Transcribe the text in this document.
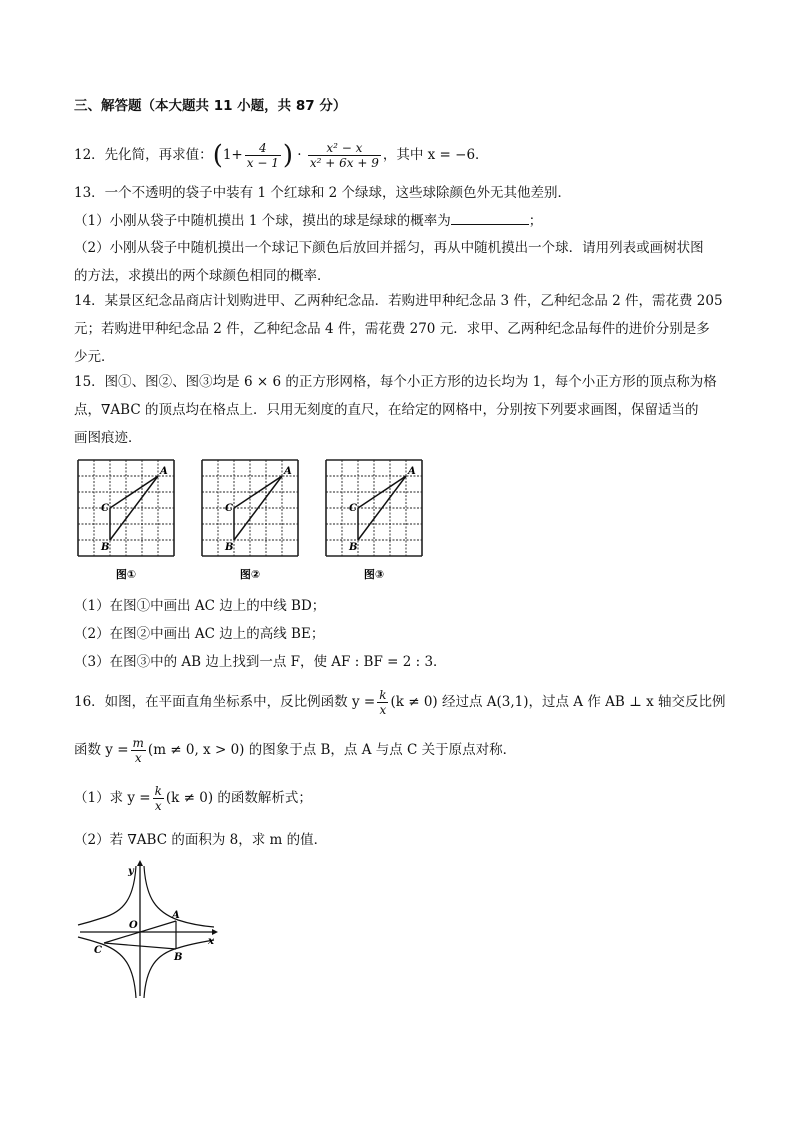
三、解答题（本大题共 11 小题，共 87 分）
12．先化简，再求值：($1+ \frac{4}{x - 1}$ ) · $\frac{\text{x² − x}}{\text{x² + 6x + 9}}$ ，其中 x = −6．
13．一个不透明的袋子中装有 1 个红球和 2 个绿球，这些球除颜色外无其他差别．
（1）小刚从袋子中随机摸出 1 个球，摸出的球是绿球的概率为	；
（2）小刚从袋子中随机摸出一个球记下颜色后放回并摇匀，再从中随机摸出一个球．请用列表或画树状图
的方法，求摸出的两个球颜色相同的概率．
14．某景区纪念品商店计划购进甲、乙两种纪念品．若购进甲种纪念品 3 件，乙种纪念品 2 件，需花费 205
元；若购进甲种纪念品 2 件，乙种纪念品 4 件，需花费 270 元．求甲、乙两种纪念品每件的进价分别是多
少元．
15．图①、图②、图③均是 6 × 6 的正方形网格，每个小正方形的边长均为 1，每个小正方形的顶点称为格
点，∇ABC 的顶点均在格点上．只用无刻度的直尺，在给定的网格中，分别按下列要求画图，保留适当的
画图痕迹．
A
B
C
图①
A
B
C
图②
A
B
C
图③
（1）在图①中画出 AC 边上的中线 BD；
（2）在图②中画出 AC 边上的高线 BE；
（3）在图③中的 AB 边上找到一点 F，使 AF : BF = 2 : 3．
16．如图，在平面直角坐标系中，反比例函数 $y = \frac{k}{x} (k \ne 0)$ 经过点 A(3,1)，过点 A 作 AB ⊥ x 轴交反比例
函数 $y = \frac{m}{x} (m \ne 0$, x > 0) 的图象于点 B，点 A 与点 C 关于原点对称．
（1）求 $y = \frac{k}{x} (k \ne 0)$ 的函数解析式；
（2）若 ∇ABC 的面积为 8，求 m 的值．
y
x
O
A
B
C
